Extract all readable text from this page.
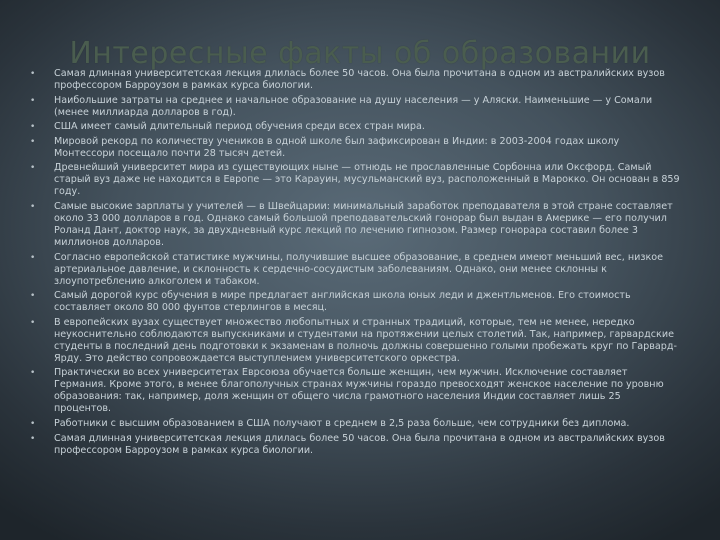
Интересные факты об образовании
• Самая длинная университетская лекция длилась более 50 часов. Она была прочитана в одном из австралийских вузов профессором Барроузом в рамках курса биологии.
• Наибольшие затраты на среднее и начальное образование на душу населения — у Аляски. Наименьшие — у Сомали (менее миллиарда долларов в год).
• США имеет самый длительный период обучения среди всех стран мира.
• Мировой рекорд по количеству учеников в одной школе был зафиксирован в Индии: в 2003-2004 годах школу Монтессори посещало почти 28 тысяч детей.
• Древнейший университет мира из существующих ныне — отнюдь не прославленные Сорбонна или Оксфорд. Самый старый вуз даже не находится в Европе — это Карауин, мусульманский вуз, расположенный в Марокко. Он основан в 859 году.
• Самые высокие зарплаты у учителей — в Швейцарии: минимальный заработок преподавателя в этой стране составляет около 33 000 долларов в год. Однако самый большой преподавательский гонорар был выдан в Америке — его получил Роланд Дант, доктор наук, за двухдневный курс лекций по лечению гипнозом. Размер гонорара составил более 3 миллионов долларов.
• Согласно европейской статистике мужчины, получившие высшее образование, в среднем имеют меньший вес, низкое артериальное давление, и склонность к сердечно-сосудистым заболеваниям. Однако, они менее склонны к злоупотреблению алкоголем и табаком.
• Самый дорогой курс обучения в мире предлагает английская школа юных леди и джентльменов. Его стоимость составляет около 80 000 фунтов стерлингов в месяц.
• В европейских вузах существует множество любопытных и странных традиций, которые, тем не менее, нередко неукоснительно соблюдаются выпускниками и студентами на протяжении целых столетий. Так, например, гарвардские студенты в последний день подготовки к экзаменам в полночь должны совершенно голыми пробежать круг по Гарвард-Ярду. Это действо сопровождается выступлением университетского оркестра.
• Практически во всех университетах Еврсоюза обучается больше женщин, чем мужчин. Исключение составляет Германия. Кроме этого, в менее благополучных странах мужчины гораздо превосходят женское население по уровню образования: так, например, доля женщин от общего числа грамотного населения Индии составляет лишь 25 процентов.
• Работники с высшим образованием в США получают в среднем в 2,5 раза больше, чем сотрудники без диплома.
• Самая длинная университетская лекция длилась более 50 часов. Она была прочитана в одном из австралийских вузов профессором Барроузом в рамках курса биологии.
